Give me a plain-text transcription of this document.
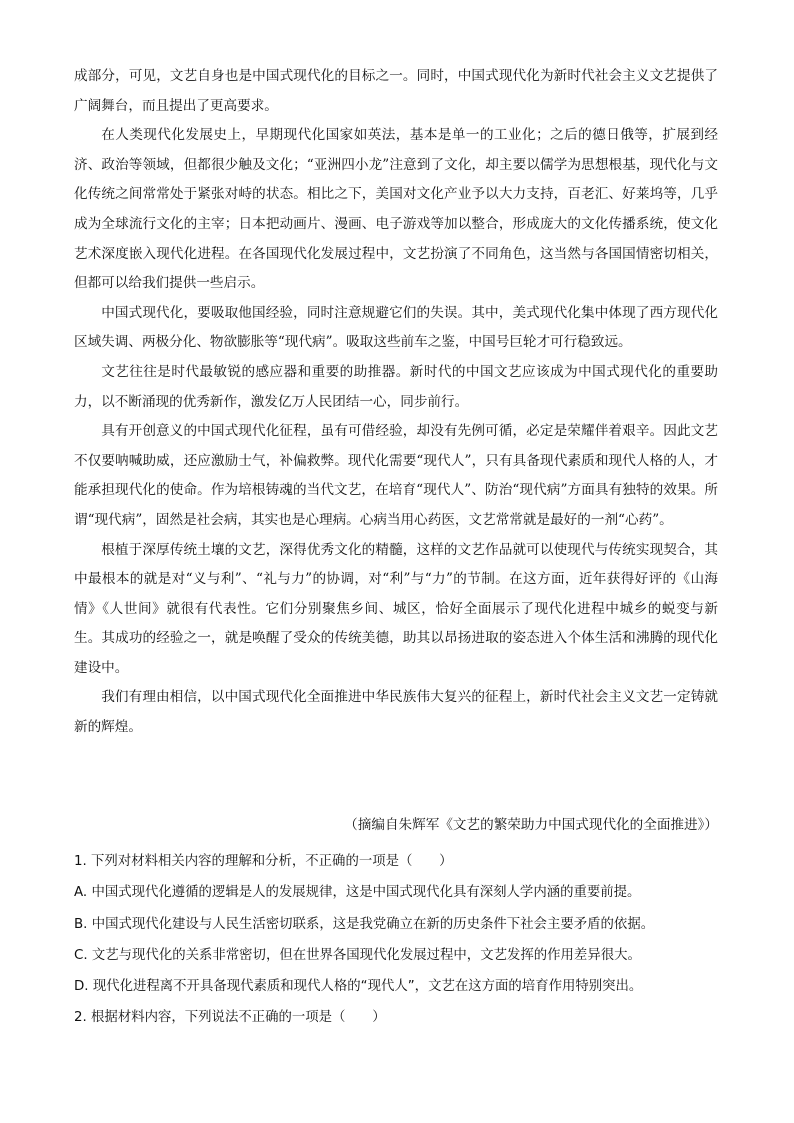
成部分，可见，文艺自身也是中国式现代化的目标之一。同时，中国式现代化为新时代社会主义文艺提供了广阔舞台，而且提出了更高要求。

在人类现代化发展史上，早期现代化国家如英法，基本是单一的工业化；之后的德日俄等，扩展到经济、政治等领域，但都很少触及文化；“亚洲四小龙”注意到了文化，却主要以儒学为思想根基，现代化与文化传统之间常常处于紧张对峙的状态。相比之下，美国对文化产业予以大力支持，百老汇、好莱坞等，几乎成为全球流行文化的主宰；日本把动画片、漫画、电子游戏等加以整合，形成庞大的文化传播系统，使文化艺术深度嵌入现代化进程。在各国现代化发展过程中，文艺扮演了不同角色，这当然与各国国情密切相关，但都可以给我们提供一些启示。

中国式现代化，要吸取他国经验，同时注意规避它们的失误。其中，美式现代化集中体现了西方现代化区域失调、两极分化、物欲膨胀等“现代病”。吸取这些前车之鉴，中国号巨轮才可行稳致远。

文艺往往是时代最敏锐的感应器和重要的助推器。新时代的中国文艺应该成为中国式现代化的重要助力，以不断涌现的优秀新作，激发亿万人民团结一心，同步前行。

具有开创意义的中国式现代化征程，虽有可借经验，却没有先例可循，必定是荣耀伴着艰辛。因此文艺不仅要呐喊助威，还应激励士气，补偏救弊。现代化需要“现代人”，只有具备现代素质和现代人格的人，才能承担现代化的使命。作为培根铸魂的当代文艺，在培育“现代人”、防治“现代病”方面具有独特的效果。所谓“现代病”，固然是社会病，其实也是心理病。心病当用心药医，文艺常常就是最好的一剂“心药”。

根植于深厚传统土壤的文艺，深得优秀文化的精髓，这样的文艺作品就可以使现代与传统实现契合，其中最根本的就是对“义与利”、“礼与力”的协调，对“利”与“力”的节制。在这方面，近年获得好评的《山海情》《人世间》就很有代表性。它们分别聚焦乡间、城区，恰好全面展示了现代化进程中城乡的蜕变与新生。其成功的经验之一，就是唤醒了受众的传统美德，助其以昂扬进取的姿态进入个体生活和沸腾的现代化建设中。

我们有理由相信，以中国式现代化全面推进中华民族伟大复兴的征程上，新时代社会主义文艺一定铸就新的辉煌。

（摘编自朱辉军《文艺的繁荣助力中国式现代化的全面推进》）

1. 下列对材料相关内容的理解和分析，不正确的一项是（　　）

A. 中国式现代化遵循的逻辑是人的发展规律，这是中国式现代化具有深刻人学内涵的重要前提。

B. 中国式现代化建设与人民生活密切联系，这是我党确立在新的历史条件下社会主要矛盾的依据。

C. 文艺与现代化的关系非常密切，但在世界各国现代化发展过程中，文艺发挥的作用差异很大。

D. 现代化进程离不开具备现代素质和现代人格的“现代人”，文艺在这方面的培育作用特别突出。

2. 根据材料内容，下列说法不正确的一项是（　　）
